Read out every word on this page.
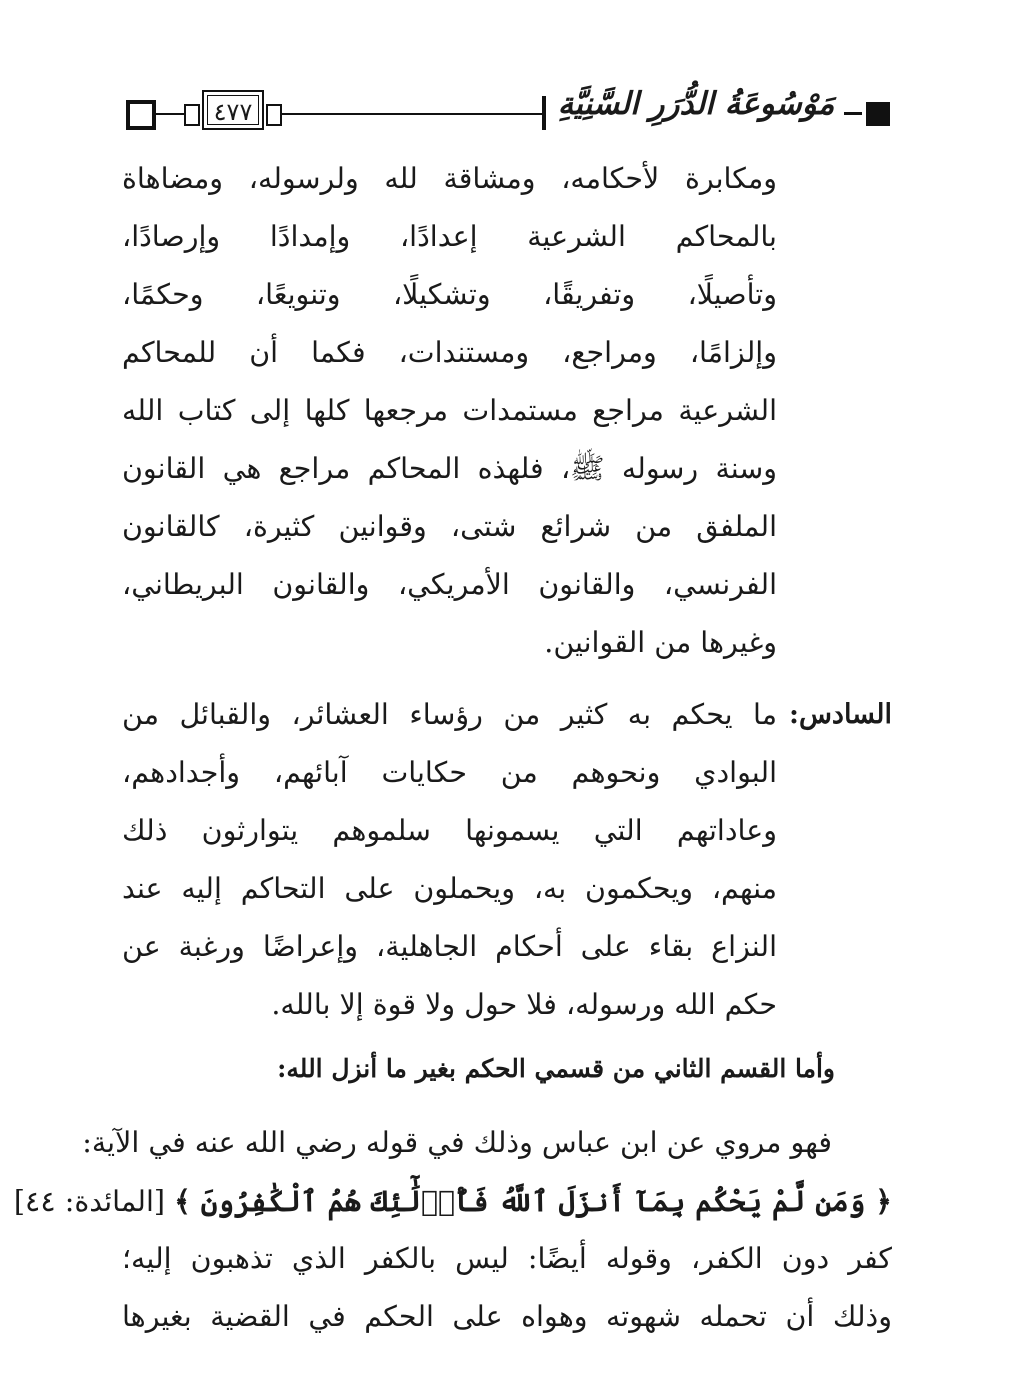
٤٧٧	مَوْسُوعَةُ الدُّرَرِ السَّنِيَّةِ
ومكابرة لأحكامه، ومشاقة لله ولرسوله، ومضاهاة
بالمحاكم الشرعية إعدادًا، وإمدادًا وإرصادًا،
وتأصيلًا، وتفريقًا، وتشكيلًا، وتنويعًا، وحكمًا،
وإلزامًا، ومراجع، ومستندات، فكما أن للمحاكم
الشرعية مراجع مستمدات مرجعها كلها إلى كتاب الله
وسنة رسوله ﷺ، فلهذه المحاكم مراجع هي القانون
الملفق من شرائع شتى، وقوانين كثيرة، كالقانون
الفرنسي، والقانون الأمريكي، والقانون البريطاني،
وغيرها من القوانين.
السادس:
ما يحكم به كثير من رؤساء العشائر، والقبائل من
البوادي ونحوهم من حكايات آبائهم، وأجدادهم،
وعاداتهم التي يسمونها سلموهم يتوارثون ذلك
منهم، ويحكمون به، ويحملون على التحاكم إليه عند
النزاع بقاء على أحكام الجاهلية، وإعراضًا ورغبة عن
حكم الله ورسوله، فلا حول ولا قوة إلا بالله.
وأما القسم الثاني من قسمي الحكم بغير ما أنزل الله:
فهو مروي عن ابن عباس وذلك في قوله رضي الله عنه في الآية:
﴿ وَمَن لَّمْ يَحْكُم بِمَآ أَنزَلَ ٱللَّهُ فَأُو۟لَٰٓئِكَ هُمُ ٱلْكَٰفِرُونَ ﴾ [المائدة: ٤٤]
كفر دون الكفر، وقوله أيضًا: ليس بالكفر الذي تذهبون إليه؛
وذلك أن تحمله شهوته وهواه على الحكم في القضية بغيرها
